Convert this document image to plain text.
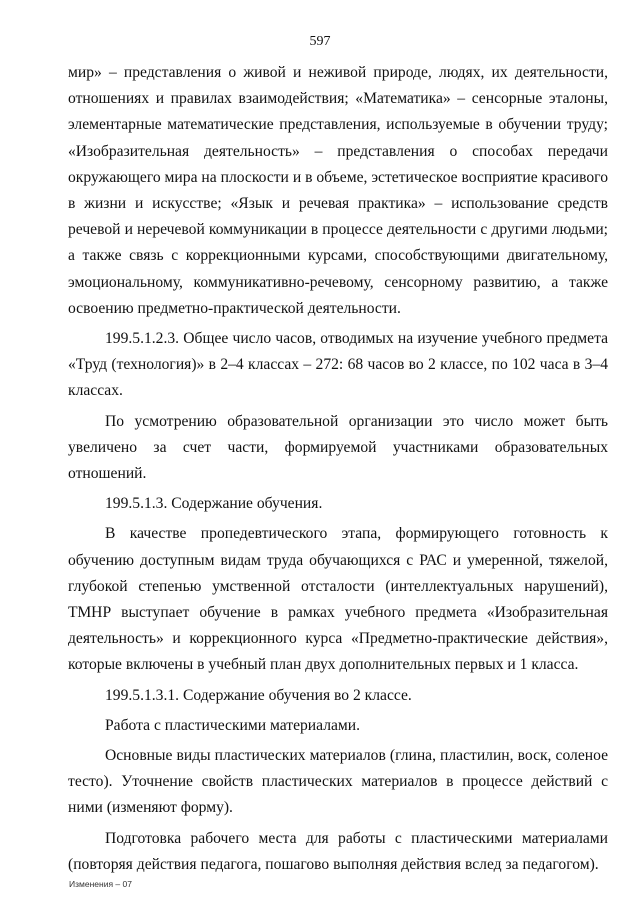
597

мир» – представления о живой и неживой природе, людях, их деятельности, отношениях и правилах взаимодействия; «Математика» – сенсорные эталоны, элементарные математические представления, используемые в обучении труду; «Изобразительная деятельность» – представления о способах передачи окружающего мира на плоскости и в объеме, эстетическое восприятие красивого в жизни и искусстве; «Язык и речевая практика» – использование средств речевой и неречевой коммуникации в процессе деятельности с другими людьми; а также связь с коррекционными курсами, способствующими двигательному, эмоциональному, коммуникативно-речевому, сенсорному развитию, а также освоению предметно-практической деятельности.

199.5.1.2.3. Общее число часов, отводимых на изучение учебного предмета «Труд (технология)» в 2–4 классах – 272: 68 часов во 2 классе, по 102 часа в 3–4 классах.

По усмотрению образовательной организации это число может быть увеличено за счет части, формируемой участниками образовательных отношений.

199.5.1.3. Содержание обучения.

В качестве пропедевтического этапа, формирующего готовность к обучению доступным видам труда обучающихся с РАС и умеренной, тяжелой, глубокой степенью умственной отсталости (интеллектуальных нарушений), ТМНР выступает обучение в рамках учебного предмета «Изобразительная деятельность» и коррекционного курса «Предметно-практические действия», которые включены в учебный план двух дополнительных первых и 1 класса.

199.5.1.3.1. Содержание обучения во 2 классе.

Работа с пластическими материалами.

Основные виды пластических материалов (глина, пластилин, воск, соленое тесто). Уточнение свойств пластических материалов в процессе действий с ними (изменяют форму).

Подготовка рабочего места для работы с пластическими материалами (повторяя действия педагога, пошагово выполняя действия вслед за педагогом).

Изменения – 07
